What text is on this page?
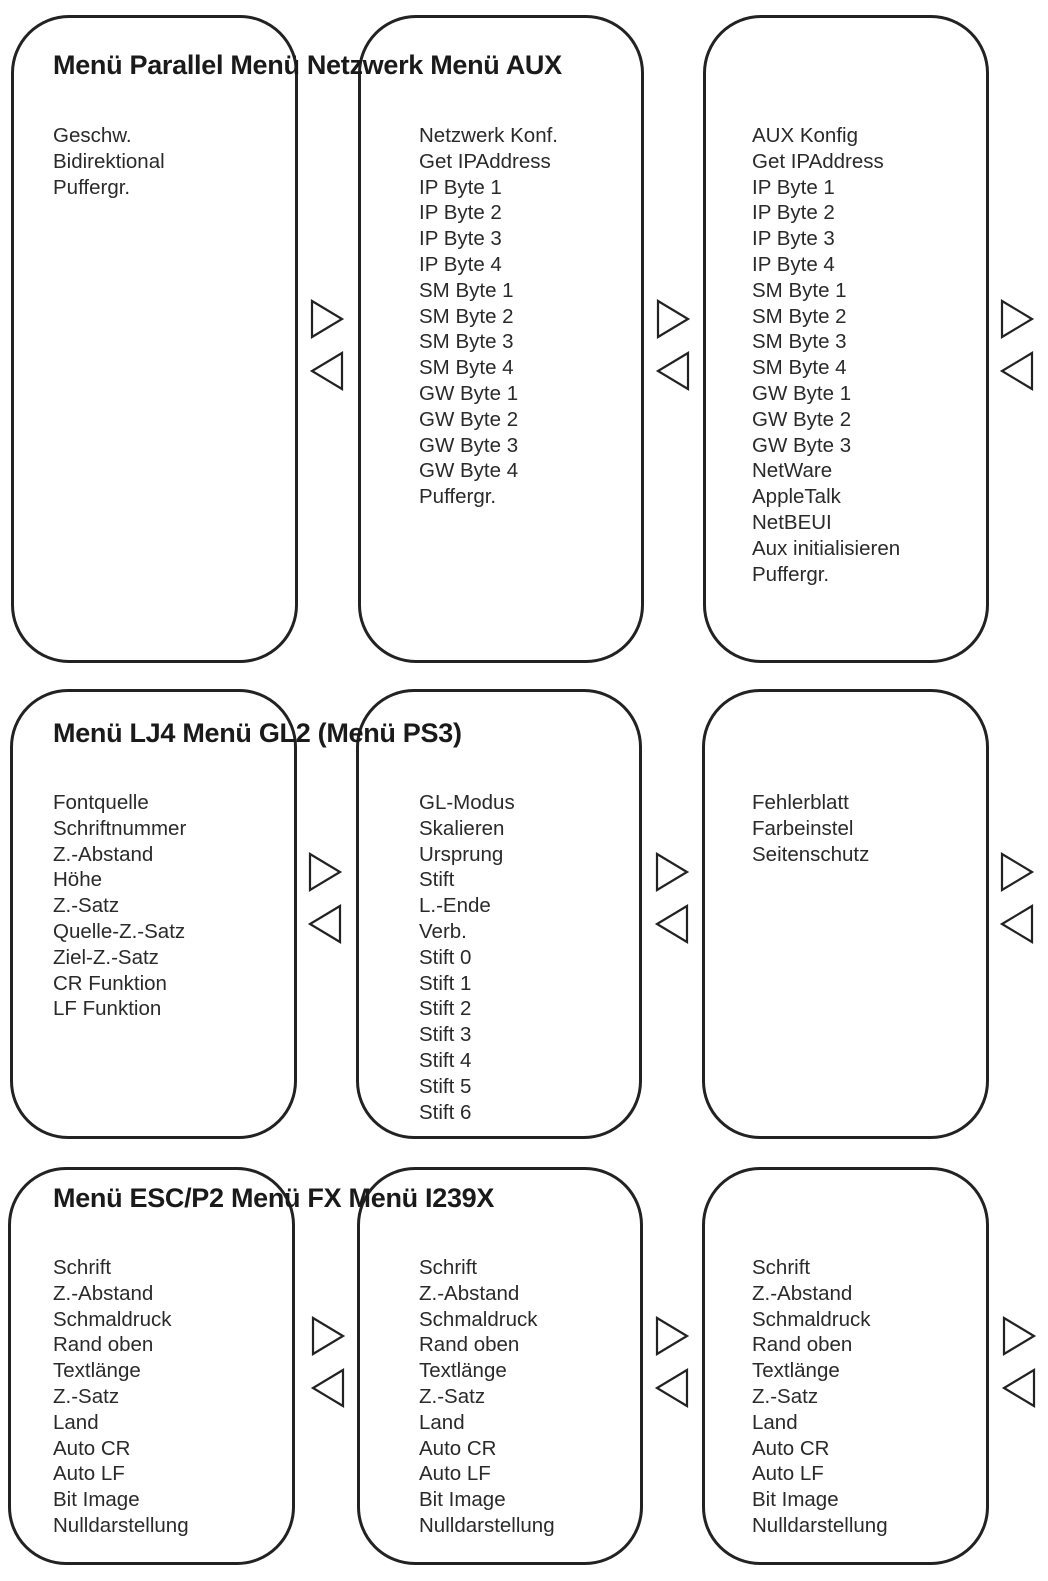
Menü Parallel Menü Netzwerk Menü AUX
Geschw.
Bidirektional
Puffergr.
Netzwerk Konf.
Get IPAddress
IP Byte 1
IP Byte 2
IP Byte 3
IP Byte 4
SM Byte 1
SM Byte 2
SM Byte 3
SM Byte 4
GW Byte 1
GW Byte 2
GW Byte 3
GW Byte 4
Puffergr.
AUX Konfig
Get IPAddress
IP Byte 1
IP Byte 2
IP Byte 3
IP Byte 4
SM Byte 1
SM Byte 2
SM Byte 3
SM Byte 4
GW Byte 1
GW Byte 2
GW Byte 3
NetWare
AppleTalk
NetBEUI
Aux initialisieren
Puffergr.
Menü LJ4 Menü GL2 (Menü PS3)
Fontquelle
Schriftnummer
Z.-Abstand
Höhe
Z.-Satz
Quelle-Z.-Satz
Ziel-Z.-Satz
CR Funktion
LF Funktion
GL-Modus
Skalieren
Ursprung
Stift
L.-Ende
Verb.
Stift 0
Stift 1
Stift 2
Stift 3
Stift 4
Stift 5
Stift 6
Fehlerblatt
Farbeinstel
Seitenschutz
Menü ESC/P2 Menü FX Menü I239X
Schrift
Z.-Abstand
Schmaldruck
Rand oben
Textlänge
Z.-Satz
Land
Auto CR
Auto LF
Bit Image
Nulldarstellung
Schrift
Z.-Abstand
Schmaldruck
Rand oben
Textlänge
Z.-Satz
Land
Auto CR
Auto LF
Bit Image
Nulldarstellung
Schrift
Z.-Abstand
Schmaldruck
Rand oben
Textlänge
Z.-Satz
Land
Auto CR
Auto LF
Bit Image
Nulldarstellung
